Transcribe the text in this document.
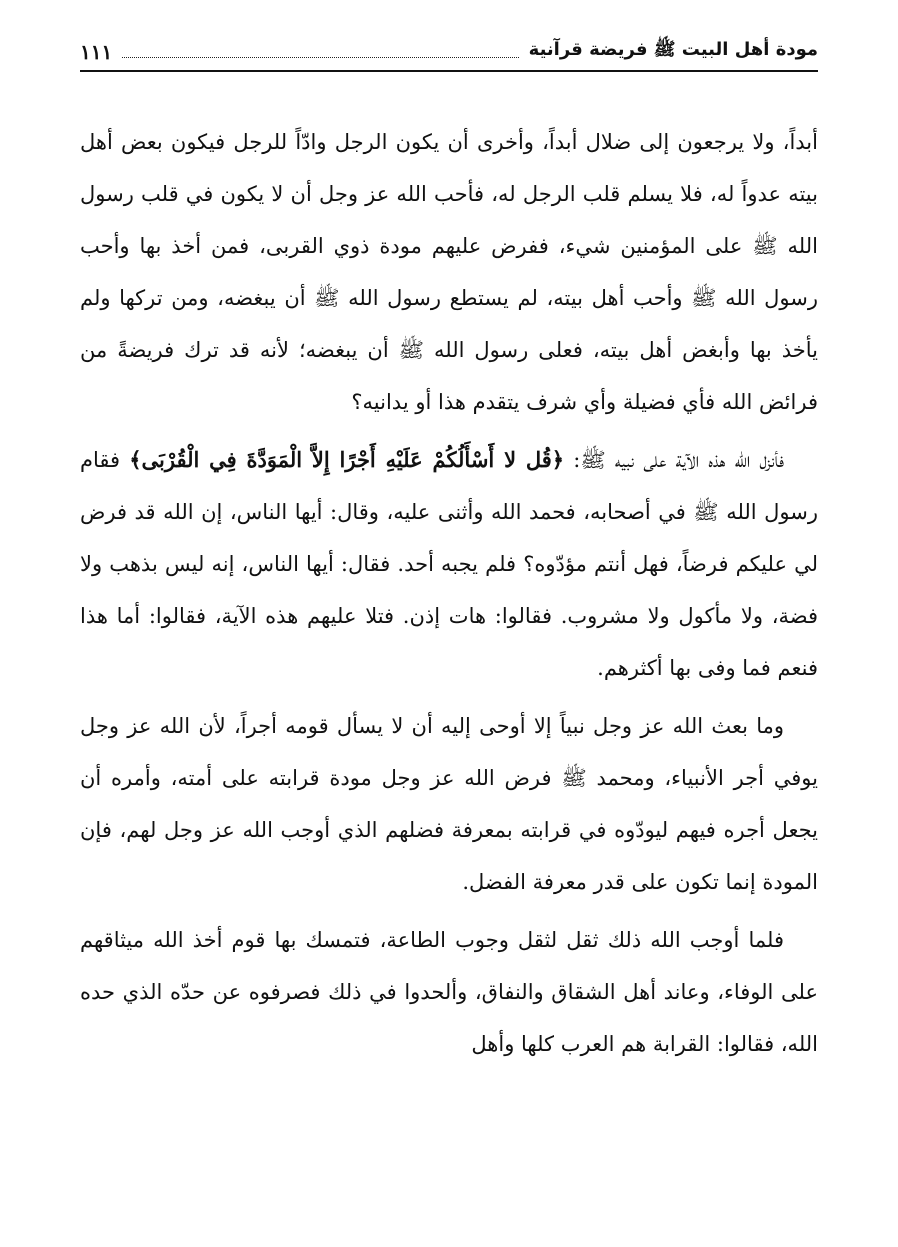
مودة أهل البيت ﷺ فريضة قرآنية
١١١

أبداً، ولا يرجعون إلى ضلال أبداً، وأخرى أن يكون الرجل وادّاً للرجل فيكون بعض أهل بيته عدواً له، فلا يسلم قلب الرجل له، فأحب الله عز وجل أن لا يكون في قلب رسول الله ﷺ على المؤمنين شيء، ففرض عليهم مودة ذوي القربى، فمن أخذ بها وأحب رسول الله ﷺ وأحب أهل بيته، لم يستطع رسول الله ﷺ أن يبغضه، ومن تركها ولم يأخذ بها وأبغض أهل بيته، فعلى رسول الله ﷺ أن يبغضه؛ لأنه قد ترك فريضةً من فرائض الله فأي فضيلة وأي شرف يتقدم هذا أو يدانيه؟

فأنزل الله هذه الآية على نبيه ﷺ: ﴿قُل لا أَسْأَلُكُمْ عَلَيْهِ أَجْرًا إِلاَّ الْمَوَدَّةَ فِي الْقُرْبَى﴾ فقام رسول الله ﷺ في أصحابه، فحمد الله وأثنى عليه، وقال: أيها الناس، إن الله قد فرض لي عليكم فرضاً، فهل أنتم مؤدّوه؟ فلم يجبه أحد. فقال: أيها الناس، إنه ليس بذهب ولا فضة، ولا مأكول ولا مشروب. فقالوا: هات إذن. فتلا عليهم هذه الآية، فقالوا: أما هذا فنعم فما وفى بها أكثرهم.

وما بعث الله عز وجل نبياً إلا أوحى إليه أن لا يسأل قومه أجراً، لأن الله عز وجل يوفي أجر الأنبياء، ومحمد ﷺ فرض الله عز وجل مودة قرابته على أمته، وأمره أن يجعل أجره فيهم ليودّوه في قرابته بمعرفة فضلهم الذي أوجب الله عز وجل لهم، فإن المودة إنما تكون على قدر معرفة الفضل.

فلما أوجب الله ذلك ثقل لثقل وجوب الطاعة، فتمسك بها قوم أخذ الله ميثاقهم على الوفاء، وعاند أهل الشقاق والنفاق، وألحدوا في ذلك فصرفوه عن حدّه الذي حده الله، فقالوا: القرابة هم العرب كلها وأهل
